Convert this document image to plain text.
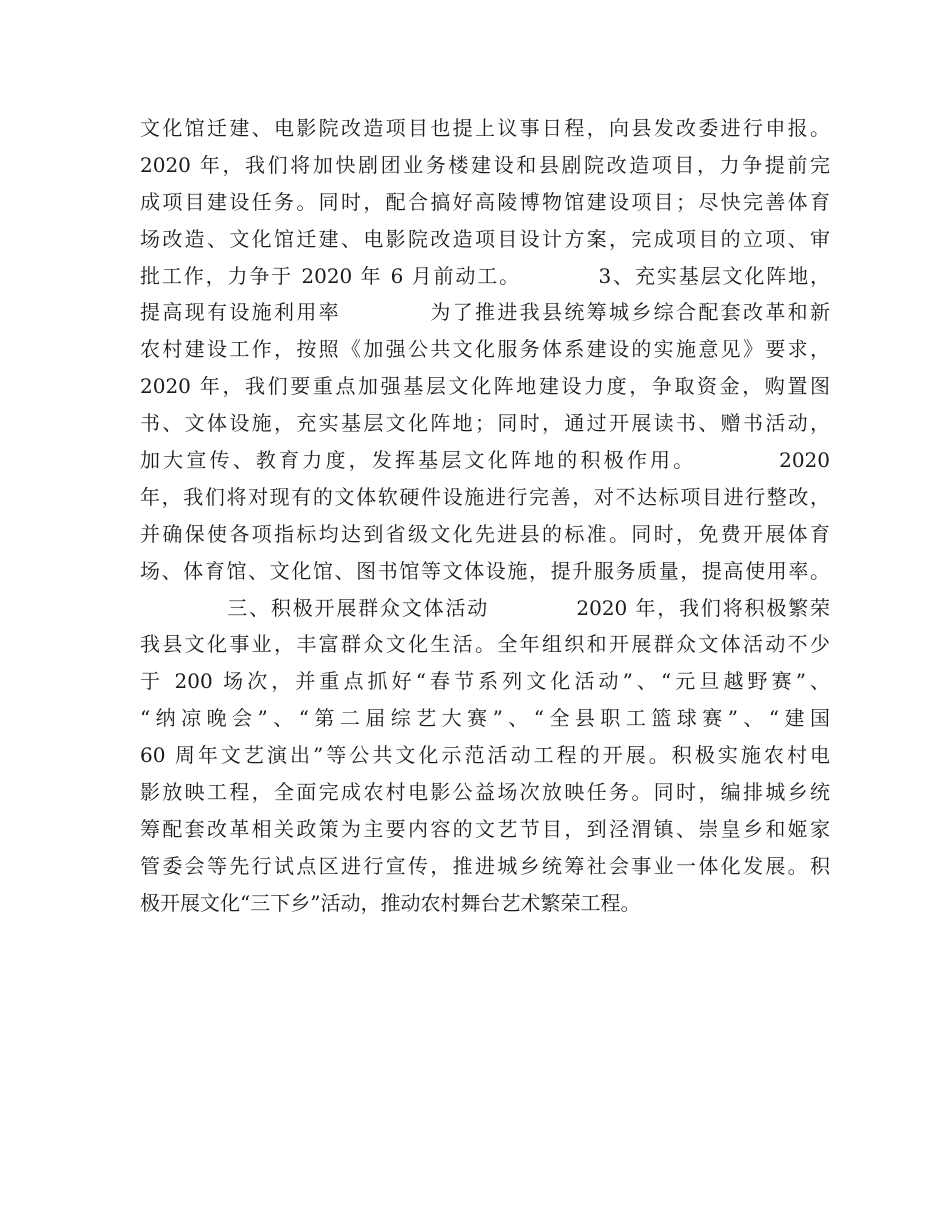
文化馆迁建、电影院改造项目也提上议事日程，向县发改委进行申报。
2020 年，我们将加快剧团业务楼建设和县剧院改造项目，力争提前完
成项目建设任务。同时，配合搞好高陵博物馆建设项目；尽快完善体育
场改造、文化馆迁建、电影院改造项目设计方案，完成项目的立项、审
批工作，力争于 2020 年 6 月前动工。　　　　3、充实基层文化阵地，
提高现有设施利用率　　　　为了推进我县统筹城乡综合配套改革和新
农村建设工作，按照《加强公共文化服务体系建设的实施意见》要求，
2020 年，我们要重点加强基层文化阵地建设力度，争取资金，购置图
书、文体设施，充实基层文化阵地；同时，通过开展读书、赠书活动，
加大宣传、教育力度，发挥基层文化阵地的积极作用。　　　　2020
年，我们将对现有的文体软硬件设施进行完善，对不达标项目进行整改，
并确保使各项指标均达到省级文化先进县的标准。同时，免费开展体育
场、体育馆、文化馆、图书馆等文体设施，提升服务质量，提高使用率。
　　　　三、积极开展群众文体活动　　　　2020 年，我们将积极繁荣
我县文化事业，丰富群众文化生活。全年组织和开展群众文体活动不少
于 200 场次，并重点抓好“春节系列文化活动”、“元旦越野赛”、
“纳凉晚会”、“第二届综艺大赛”、“全县职工篮球赛”、“建国
60 周年文艺演出”等公共文化示范活动工程的开展。积极实施农村电
影放映工程，全面完成农村电影公益场次放映任务。同时，编排城乡统
筹配套改革相关政策为主要内容的文艺节目，到泾渭镇、崇皇乡和姬家
管委会等先行试点区进行宣传，推进城乡统筹社会事业一体化发展。积
极开展文化“三下乡”活动，推动农村舞台艺术繁荣工程。
